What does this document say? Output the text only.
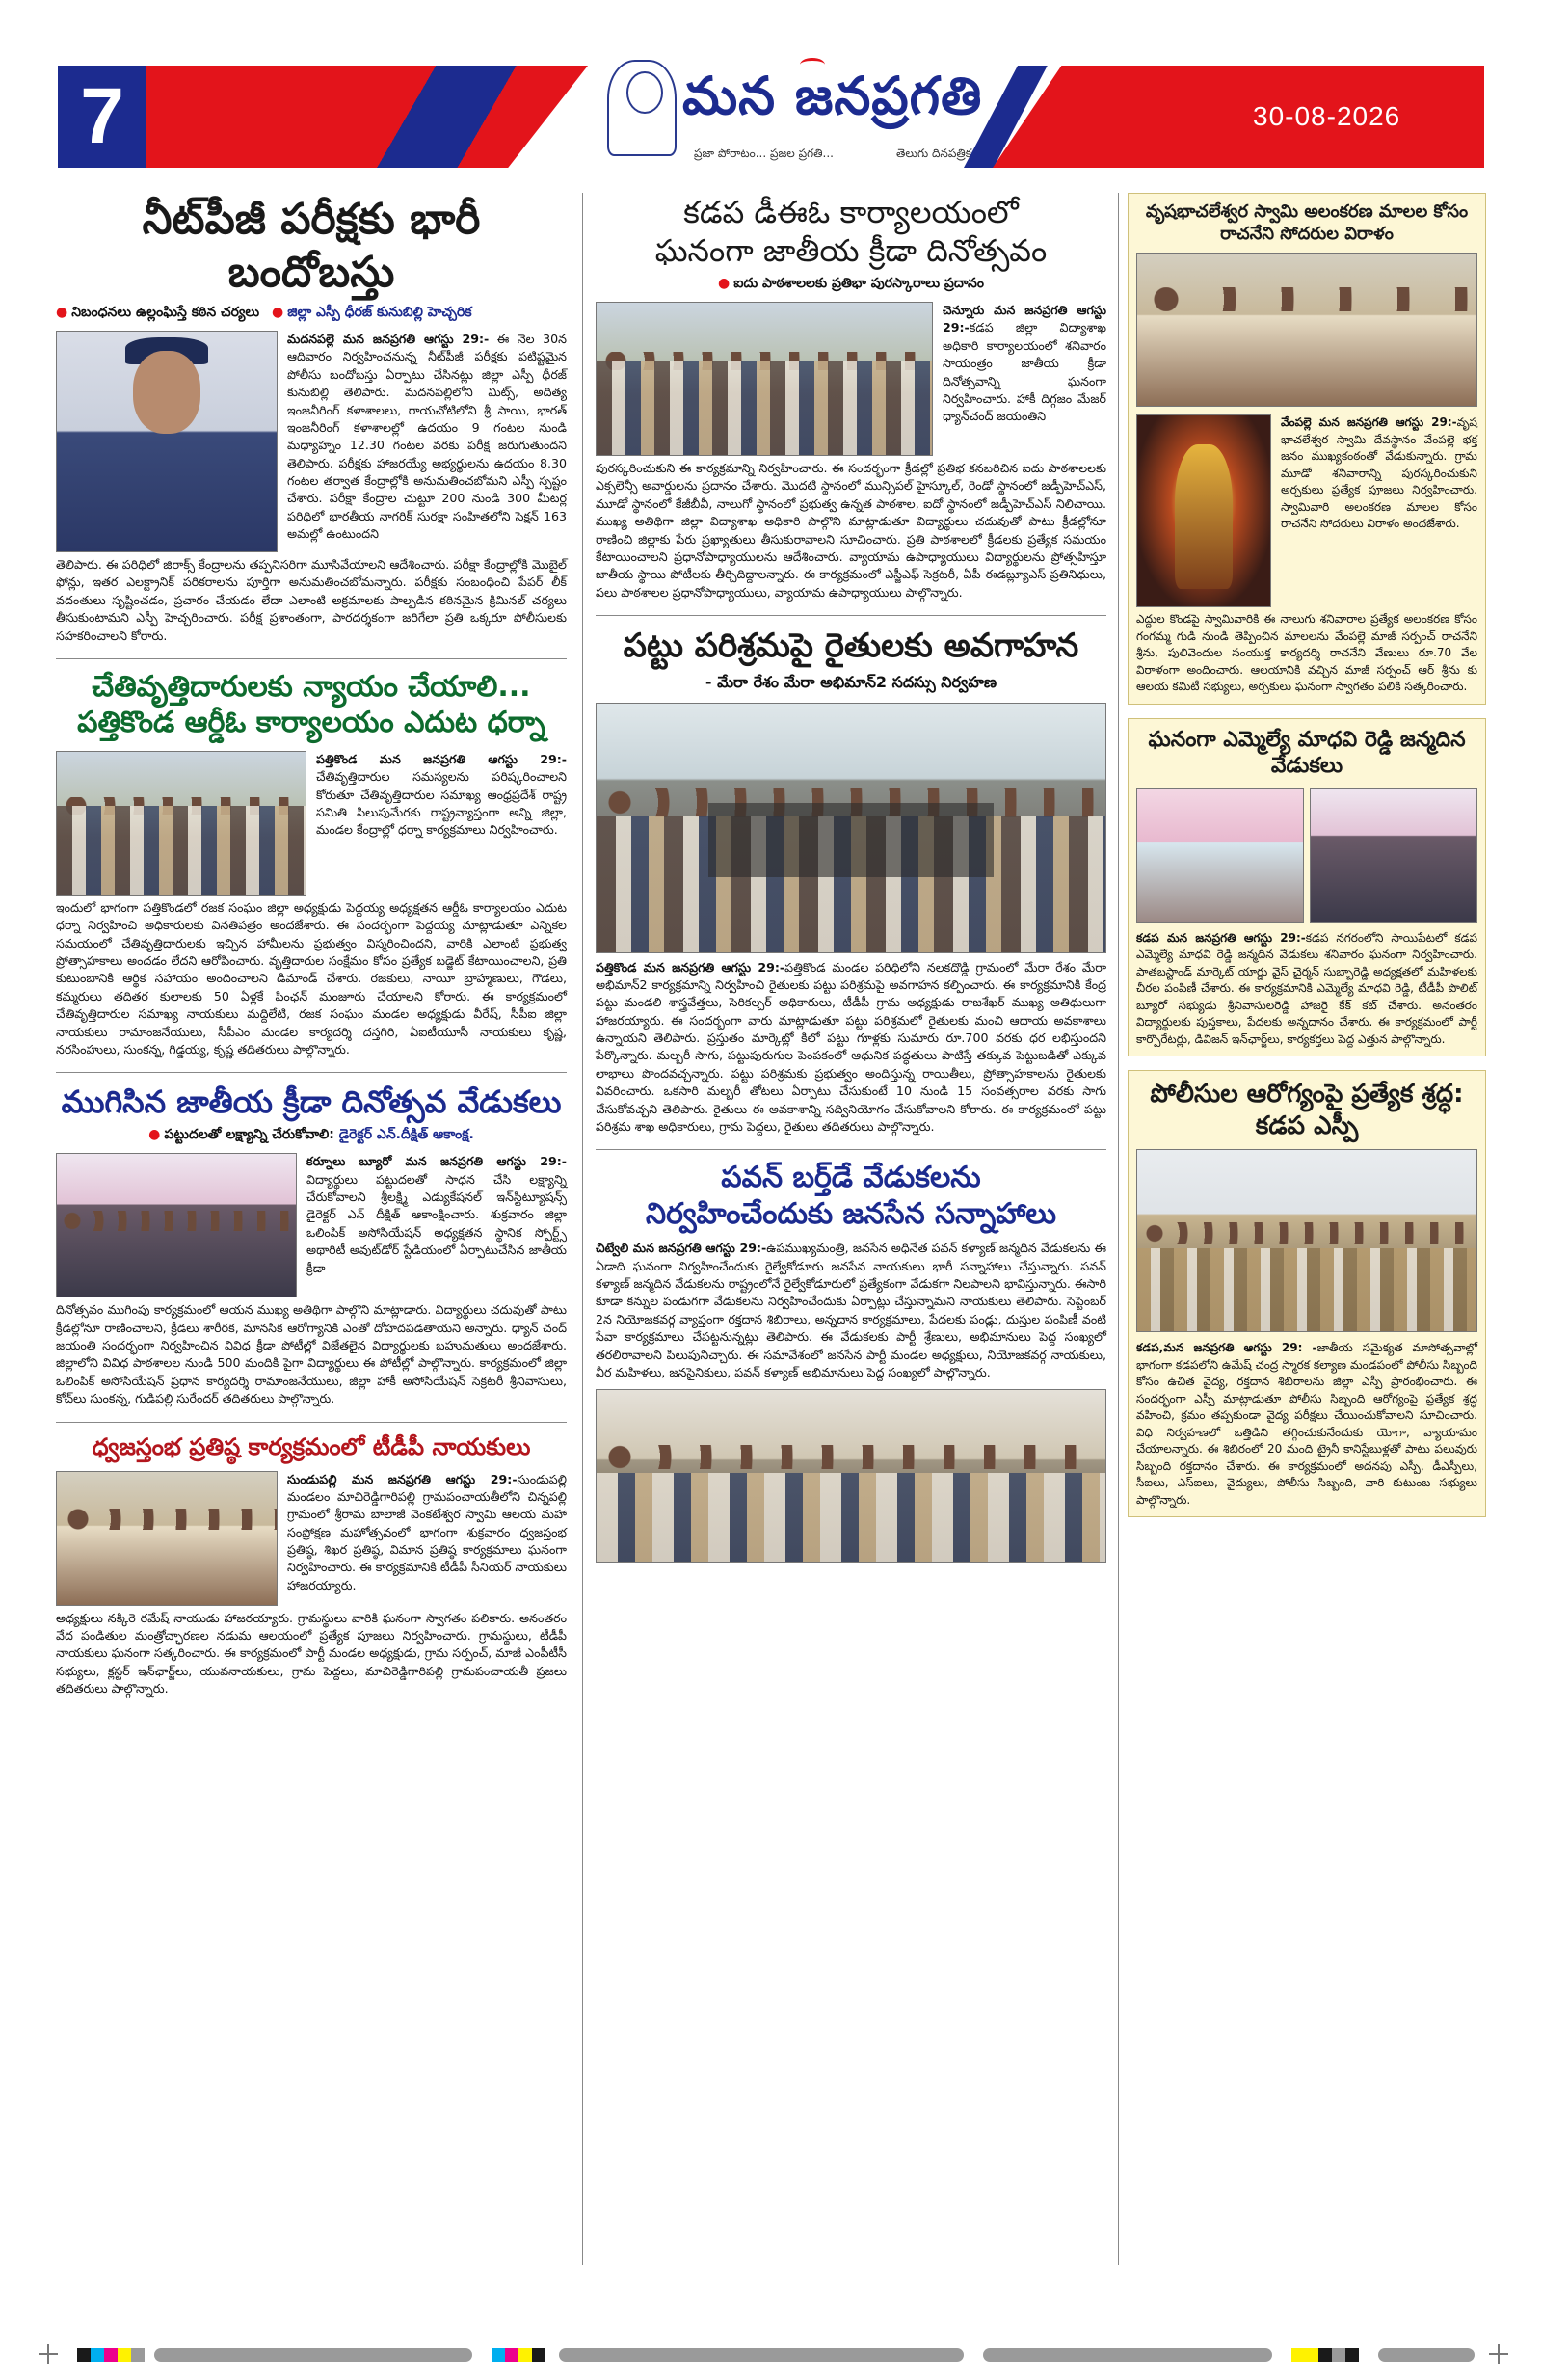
7	మన జనప్రగతి
ప్రజా పోరాటం... ప్రజల ప్రగతి...	తెలుగు దినపత్రిక
30-08-2026
నీట్‌పీజీ పరీక్షకు భారీ బందోబస్తు
● నిబంధనలు ఉల్లంఘిస్తే కఠిన చర్యలు ● జిల్లా ఎస్పీ ధీరజ్ కునుబిల్లి హెచ్చరిక
మదనపల్లె మన జనప్రగతి ఆగస్టు 29:- ఈ నెల 30న ఆదివారం నిర్వహించనున్న నీట్‌పీజీ పరీక్షకు పటిష్టమైన పోలీసు బందోబస్తు ఏర్పాటు చేసినట్లు జిల్లా ఎస్పీ ధీరజ్ కునుబిల్లి తెలిపారు. మదనపల్లిలోని మిట్స్, అదిత్య ఇంజనీరింగ్ కళాశాలలు, రాయచోటిలోని శ్రీ సాయి, భారత్ ఇంజనీరింగ్ కళాశాలల్లో ఉదయం 9 గంటల నుండి మధ్యాహ్నం 12.30 గంటల వరకు పరీక్ష జరుగుతుందని తెలిపారు. పరీక్షకు హాజరయ్యే అభ్యర్థులను ఉదయం 8.30 గంటల తర్వాత కేంద్రాల్లోకి అనుమతించబోమని ఎస్పీ స్పష్టం చేశారు. పరీక్షా కేంద్రాల చుట్టూ 200 నుండి 300 మీటర్ల పరిధిలో భారతీయ నాగరిక్ సురక్షా సంహితలోని సెక్షన్ 163 అమల్లో ఉంటుందని
తెలిపారు. ఈ పరిధిలో జిరాక్స్ కేంద్రాలను తప్పనిసరిగా మూసివేయాలని ఆదేశించారు. పరీక్షా కేంద్రాల్లోకి మొబైల్ ఫోన్లు, ఇతర ఎలక్ట్రానిక్ పరికరాలను పూర్తిగా అనుమతించబోమన్నారు. పరీక్షకు సంబంధించి పేపర్ లీక్ వదంతులు సృష్టించడం, ప్రచారం చేయడం లేదా ఎలాంటి అక్రమాలకు పాల్పడిన కఠినమైన క్రిమినల్ చర్యలు తీసుకుంటామని ఎస్పీ హెచ్చరించారు. పరీక్ష ప్రశాంతంగా, పారదర్శకంగా జరిగేలా ప్రతి ఒక్కరూ పోలీసులకు సహకరించాలని కోరారు.
చేతివృత్తిదారులకు న్యాయం చేయాలి...
పత్తికొండ ఆర్డీఓ కార్యాలయం ఎదుట ధర్నా
పత్తికొండ మన జనప్రగతి ఆగస్టు 29:-చేతివృత్తిదారుల సమస్యలను పరిష్కరించాలని కోరుతూ చేతివృత్తిదారుల సమాఖ్య ఆంధ్రప్రదేశ్ రాష్ట్ర సమితి పిలుపుమేరకు రాష్ట్రవ్యాప్తంగా అన్ని జిల్లా, మండల కేంద్రాల్లో ధర్నా కార్యక్రమాలు నిర్వహించారు.
ఇందులో భాగంగా పత్తికొండలో రజక సంఘం జిల్లా అధ్యక్షుడు పెద్దయ్య అధ్యక్షతన ఆర్డీఓ కార్యాలయం ఎదుట ధర్నా నిర్వహించి అధికారులకు వినతిపత్రం అందజేశారు. ఈ సందర్భంగా పెద్దయ్య మాట్లాడుతూ ఎన్నికల సమయంలో చేతివృత్తిదారులకు ఇచ్చిన హామీలను ప్రభుత్వం విస్మరించిందని, వారికి ఎలాంటి ప్రభుత్వ ప్రోత్సాహకాలు అందడం లేదని ఆరోపించారు. వృత్తిదారుల సంక్షేమం కోసం ప్రత్యేక బడ్జెట్ కేటాయించాలని, ప్రతి కుటుంబానికి ఆర్థిక సహాయం అందించాలని డిమాండ్ చేశారు. రజకులు, నాయీ బ్రాహ్మణులు, గౌడలు, కమ్మరులు తదితర కులాలకు 50 ఏళ్లకే పింఛన్ మంజూరు చేయాలని కోరారు. ఈ కార్యక్రమంలో చేతివృత్తిదారుల సమాఖ్య నాయకులు మద్దిలేటి, రజక సంఘం మండల అధ్యక్షుడు వీరేష్, సీపీఐ జిల్లా నాయకులు రామాంజనేయులు, సీపీఎం మండల కార్యదర్శి దస్తగిరి, ఏఐటీయూసీ నాయకులు కృష్ణ, నరసింహులు, సుంకన్న, గిడ్డయ్య, కృష్ణ తదితరులు పాల్గొన్నారు.
ముగిసిన జాతీయ క్రీడా దినోత్సవ వేడుకలు
● పట్టుదలతో లక్ష్యాన్ని చేరుకోవాలి: డైరెక్టర్ ఎన్.దీక్షిత్ ఆకాంక్ష.
కర్నూలు బ్యూరో మన జనప్రగతి ఆగస్టు 29:-విద్యార్థులు పట్టుదలతో సాధన చేసి లక్ష్యాన్ని చేరుకోవాలని శ్రీలక్ష్మి ఎడ్యుకేషనల్ ఇన్‌స్టిట్యూషన్స్ డైరెక్టర్ ఎన్ దీక్షిత్ ఆకాంక్షించారు. శుక్రవారం జిల్లా ఒలింపిక్ అసోసియేషన్ అధ్యక్షతన స్థానిక స్పోర్ట్స్ అథారిటీ అవుట్‌డోర్ స్టేడియంలో ఏర్పాటుచేసిన జాతీయ క్రీడా
దినోత్సవం ముగింపు కార్యక్రమంలో ఆయన ముఖ్య అతిథిగా పాల్గొని మాట్లాడారు. విద్యార్థులు చదువుతో పాటు క్రీడల్లోనూ రాణించాలని, క్రీడలు శారీరక, మానసిక ఆరోగ్యానికి ఎంతో దోహదపడతాయని అన్నారు. ధ్యాన్ చంద్ జయంతి సందర్భంగా నిర్వహించిన వివిధ క్రీడా పోటీల్లో విజేతలైన విద్యార్థులకు బహుమతులు అందజేశారు. జిల్లాలోని వివిధ పాఠశాలల నుండి 500 మందికి పైగా విద్యార్థులు ఈ పోటీల్లో పాల్గొన్నారు. కార్యక్రమంలో జిల్లా ఒలింపిక్ అసోసియేషన్ ప్రధాన కార్యదర్శి రామాంజనేయులు, జిల్లా హాకీ అసోసియేషన్ సెక్రటరీ శ్రీనివాసులు, కోచ్‌లు సుంకన్న, గుడిపల్లి సురేందర్ తదితరులు పాల్గొన్నారు.
ధ్వజస్తంభ ప్రతిష్ఠ కార్యక్రమంలో టీడీపీ నాయకులు
సుండుపల్లి మన జనప్రగతి ఆగస్టు 29:-సుండుపల్లి మండలం మాచిరెడ్డిగారిపల్లి గ్రామపంచాయతీలోని చిన్నపల్లి గ్రామంలో శ్రీరామ బాలాజీ వెంకటేశ్వర స్వామి ఆలయ మహా సంప్రోక్షణ మహోత్సవంలో భాగంగా శుక్రవారం ధ్వజస్తంభ ప్రతిష్ఠ, శిఖర ప్రతిష్ఠ, విమాన ప్రతిష్ఠ కార్యక్రమాలు ఘనంగా నిర్వహించారు. ఈ కార్యక్రమానికి టీడీపీ సీనియర్ నాయకులు హాజరయ్యారు.
అధ్యక్షులు నక్కిరె రమేష్ నాయుడు హాజరయ్యారు. గ్రామస్థులు వారికి ఘనంగా స్వాగతం పలికారు. అనంతరం వేద పండితుల మంత్రోచ్ఛారణల నడుమ ఆలయంలో ప్రత్యేక పూజలు నిర్వహించారు. గ్రామస్థులు, టీడీపీ నాయకులు ఘనంగా సత్కరించారు. ఈ కార్యక్రమంలో పార్టీ మండల అధ్యక్షుడు, గ్రామ సర్పంచ్, మాజీ ఎంపీటీసీ సభ్యులు, క్లస్టర్ ఇన్‌ఛార్జ్‌లు, యువనాయకులు, గ్రామ పెద్దలు, మాచిరెడ్డిగారిపల్లి గ్రామపంచాయతీ ప్రజలు తదితరులు పాల్గొన్నారు.
కడప డీఈఓ కార్యాలయంలో
ఘనంగా జాతీయ క్రీడా దినోత్సవం
● ఐదు పాఠశాలలకు ప్రతిభా పురస్కారాలు ప్రదానం
చెన్నూరు మన జనప్రగతి ఆగస్టు 29:-కడప జిల్లా విద్యాశాఖ అధికారి కార్యాలయంలో శనివారం సాయంత్రం జాతీయ క్రీడా దినోత్సవాన్ని ఘనంగా నిర్వహించారు. హాకీ దిగ్గజం మేజర్ ధ్యాన్‌చంద్ జయంతిని
పురస్కరించుకుని ఈ కార్యక్రమాన్ని నిర్వహించారు. ఈ సందర్భంగా క్రీడల్లో ప్రతిభ కనబరిచిన ఐదు పాఠశాలలకు ఎక్సలెన్సీ అవార్డులను ప్రదానం చేశారు. మొదటి స్థానంలో మున్సిపల్ హైస్కూల్, రెండో స్థానంలో జడ్పీహెచ్‌ఎస్, మూడో స్థానంలో కేజీబీవీ, నాలుగో స్థానంలో ప్రభుత్వ ఉన్నత పాఠశాల, ఐదో స్థానంలో జడ్పీహెచ్‌ఎస్ నిలిచాయి. ముఖ్య అతిథిగా జిల్లా విద్యాశాఖ అధికారి పాల్గొని మాట్లాడుతూ విద్యార్థులు చదువుతో పాటు క్రీడల్లోనూ రాణించి జిల్లాకు పేరు ప్రఖ్యాతులు తీసుకురావాలని సూచించారు. ప్రతి పాఠశాలలో క్రీడలకు ప్రత్యేక సమయం కేటాయించాలని ప్రధానోపాధ్యాయులను ఆదేశించారు. వ్యాయామ ఉపాధ్యాయులు విద్యార్థులను ప్రోత్సహిస్తూ జాతీయ స్థాయి పోటీలకు తీర్చిదిద్దాలన్నారు. ఈ కార్యక్రమంలో ఎస్జీఎఫ్ సెక్రటరీ, ఏపీ ఈడబ్ల్యూఎస్ ప్రతినిధులు, పలు పాఠశాలల ప్రధానోపాధ్యాయులు, వ్యాయామ ఉపాధ్యాయులు పాల్గొన్నారు.
పట్టు పరిశ్రమపై రైతులకు అవగాహన
- మేరా రేశం మేరా అభిమాన్2 సదస్సు నిర్వహణ
పత్తికొండ మన జనప్రగతి ఆగస్టు 29:-పత్తికొండ మండల పరిధిలోని నలకదొడ్డి గ్రామంలో మేరా రేశం మేరా అభిమాన్2 కార్యక్రమాన్ని నిర్వహించి రైతులకు పట్టు పరిశ్రమపై అవగాహన కల్పించారు. ఈ కార్యక్రమానికి కేంద్ర పట్టు మండలి శాస్త్రవేత్తలు, సెరికల్చర్ అధికారులు, టీడీపీ గ్రామ అధ్యక్షుడు రాజశేఖర్ ముఖ్య అతిథులుగా హాజరయ్యారు. ఈ సందర్భంగా వారు మాట్లాడుతూ పట్టు పరిశ్రమలో రైతులకు మంచి ఆదాయ అవకాశాలు ఉన్నాయని తెలిపారు. ప్రస్తుతం మార్కెట్లో కిలో పట్టు గూళ్లకు సుమారు రూ.700 వరకు ధర లభిస్తుందని పేర్కొన్నారు. మల్బరీ సాగు, పట్టుపురుగుల పెంపకంలో ఆధునిక పద్ధతులు పాటిస్తే తక్కువ పెట్టుబడితో ఎక్కువ లాభాలు పొందవచ్చన్నారు. పట్టు పరిశ్రమకు ప్రభుత్వం అందిస్తున్న రాయితీలు, ప్రోత్సాహకాలను రైతులకు వివరించారు. ఒకసారి మల్బరీ తోటలు ఏర్పాటు చేసుకుంటే 10 నుండి 15 సంవత్సరాల వరకు సాగు చేసుకోవచ్చని తెలిపారు. రైతులు ఈ అవకాశాన్ని సద్వినియోగం చేసుకోవాలని కోరారు. ఈ కార్యక్రమంలో పట్టు పరిశ్రమ శాఖ అధికారులు, గ్రామ పెద్దలు, రైతులు తదితరులు పాల్గొన్నారు.
పవన్ బర్త్‌డే వేడుకలను
నిర్వహించేందుకు జనసేన సన్నాహాలు
చిట్వేలి మన జనప్రగతి ఆగస్టు 29:-ఉపముఖ్యమంత్రి, జనసేన అధినేత పవన్ కళ్యాణ్ జన్మదిన వేడుకలను ఈ ఏడాది ఘనంగా నిర్వహించేందుకు రైల్వేకోడూరు జనసేన నాయకులు భారీ సన్నాహాలు చేస్తున్నారు. పవన్ కళ్యాణ్ జన్మదిన వేడుకలను రాష్ట్రంలోనే రైల్వేకోడూరులో ప్రత్యేకంగా వేడుకగా నిలపాలని భావిస్తున్నారు. ఈసారి కూడా కన్నుల పండుగగా వేడుకలను నిర్వహించేందుకు ఏర్పాట్లు చేస్తున్నామని నాయకులు తెలిపారు. సెప్టెంబర్ 2న నియోజకవర్గ వ్యాప్తంగా రక్తదాన శిబిరాలు, అన్నదాన కార్యక్రమాలు, పేదలకు పండ్లు, దుస్తుల పంపిణీ వంటి సేవా కార్యక్రమాలు చేపట్టనున్నట్లు తెలిపారు. ఈ వేడుకలకు పార్టీ శ్రేణులు, అభిమానులు పెద్ద సంఖ్యలో తరలిరావాలని పిలుపునిచ్చారు. ఈ సమావేశంలో జనసేన పార్టీ మండల అధ్యక్షులు, నియోజకవర్గ నాయకులు, వీర మహిళలు, జనసైనికులు, పవన్ కళ్యాణ్ అభిమానులు పెద్ద సంఖ్యలో పాల్గొన్నారు.
వృషభాచలేశ్వర స్వామి అలంకరణ మాలల కోసం రాచనేని సోదరుల విరాళం
వేంపల్లె మన జనప్రగతి ఆగస్టు 29:-వృష భాచలేశ్వర స్వామి దేవస్థానం వేంపల్లె భక్త జనం ముఖ్యకంఠంతో వేడుకున్నారు. గ్రామ మూడో శనివారాన్ని పురస్కరించుకుని అర్చకులు ప్రత్యేక పూజలు నిర్వహించారు. స్వామివారి అలంకరణ మాలల కోసం రాచనేని సోదరులు విరాళం అందజేశారు.
ఎద్దుల కొండపై స్వామివారికి ఈ నాలుగు శనివారాల ప్రత్యేక అలంకరణ కోసం గంగమ్మ గుడి నుండి తెప్పించిన మాలలను వేంపల్లె మాజీ సర్పంచ్ రాచనేని శ్రీను, పులివెందుల సంయుక్త కార్యదర్శి రాచనేని వేణులు రూ.70 వేల విరాళంగా అందించారు. ఆలయానికి వచ్చిన మాజీ సర్పంచ్ ఆర్ శ్రీను కు ఆలయ కమిటీ సభ్యులు, అర్చకులు ఘనంగా స్వాగతం పలికి సత్కరించారు.
ఘనంగా ఎమ్మెల్యే మాధవి రెడ్డి జన్మదిన వేడుకలు
కడప మన జనప్రగతి ఆగస్టు 29:-కడప నగరంలోని సాయిపేటలో కడప ఎమ్మెల్యే మాధవి రెడ్డి జన్మదిన వేడుకలు శనివారం ఘనంగా నిర్వహించారు. పాతబస్టాండ్ మార్కెట్ యార్డు వైస్ చైర్మన్ సుబ్బారెడ్డి అధ్యక్షతలో మహిళలకు చీరల పంపిణీ చేశారు. ఈ కార్యక్రమానికి ఎమ్మెల్యే మాధవి రెడ్డి, టీడీపీ పొలిట్ బ్యూరో సభ్యుడు శ్రీనివాసులరెడ్డి హాజరై కేక్ కట్ చేశారు. అనంతరం విద్యార్థులకు పుస్తకాలు, పేదలకు అన్నదానం చేశారు. ఈ కార్యక్రమంలో పార్టీ కార్పొరేటర్లు, డివిజన్ ఇన్‌ఛార్జ్‌లు, కార్యకర్తలు పెద్ద ఎత్తున పాల్గొన్నారు.
పోలీసుల ఆరోగ్యంపై ప్రత్యేక శ్రద్ధ: కడప ఎస్పీ
కడప,మన జనప్రగతి ఆగస్టు 29: -జాతీయ సమైక్యత మాసోత్సవాల్లో భాగంగా కడపలోని ఉమేష్ చంద్ర స్మారక కల్యాణ మండపంలో పోలీసు సిబ్బంది కోసం ఉచిత వైద్య, రక్తదాన శిబిరాలను జిల్లా ఎస్పీ ప్రారంభించారు. ఈ సందర్భంగా ఎస్పీ మాట్లాడుతూ పోలీసు సిబ్బంది ఆరోగ్యంపై ప్రత్యేక శ్రద్ధ వహించి, క్రమం తప్పకుండా వైద్య పరీక్షలు చేయించుకోవాలని సూచించారు. విధి నిర్వహణలో ఒత్తిడిని తగ్గించుకునేందుకు యోగా, వ్యాయామం చేయాలన్నారు. ఈ శిబిరంలో 20 మంది ట్రైనీ కానిస్టేబుళ్లతో పాటు పలువురు సిబ్బంది రక్తదానం చేశారు. ఈ కార్యక్రమంలో అదనపు ఎస్పీ, డీఎస్పీలు, సీఐలు, ఎస్ఐలు, వైద్యులు, పోలీసు సిబ్బంది, వారి కుటుంబ సభ్యులు పాల్గొన్నారు.
